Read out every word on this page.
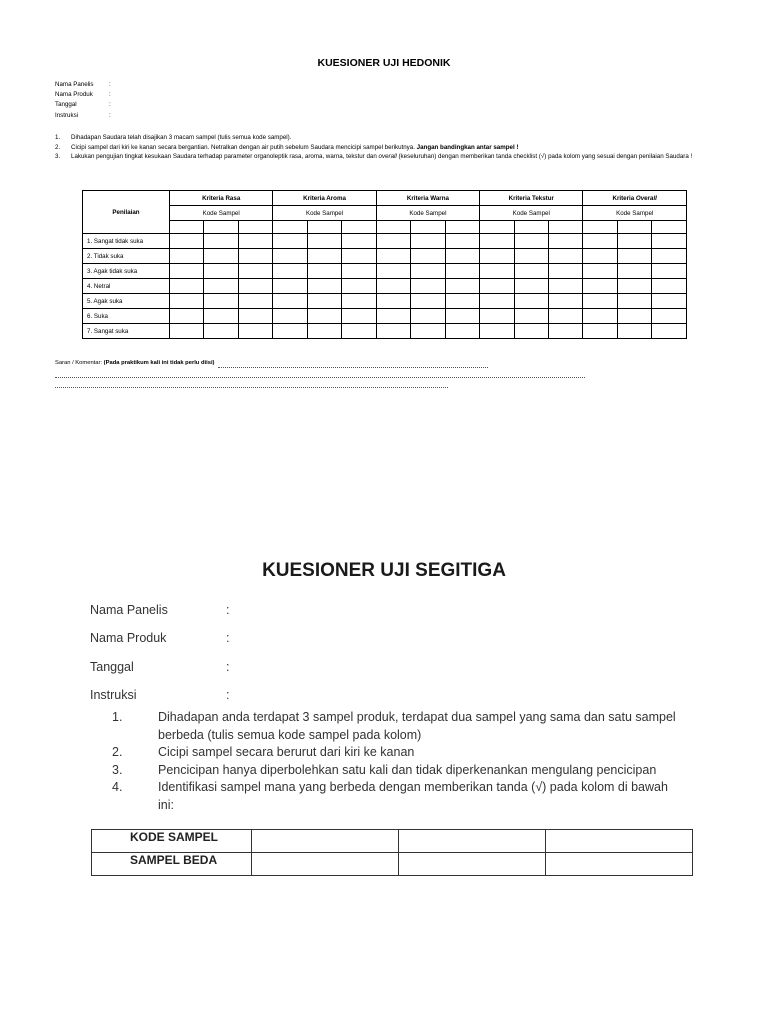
KUESIONER UJI HEDONIK
Nama Panelis	:
Nama Produk	:
Tanggal	:
Instruksi	:
1.	Dihadapan Saudara telah disajikan 3 macam sampel (tulis semua kode sampel).
2.	Cicipi sampel dari kiri ke kanan secara bergantian. Netralkan dengan air putih sebelum Saudara mencicipi sampel berikutnya. Jangan bandingkan antar sampel !
3.	Lakukan pengujian tingkat kesukaan Saudara terhadap parameter organoleptik rasa, aroma, warna, tekstur dan overall (keseluruhan) dengan memberikan tanda checklist (√) pada kolom yang sesuai dengan penilaian Saudara !
Penilaian	Kriteria Rasa			Kriteria Aroma			Kriteria Warna			Kriteria Tekstur			Kriteria Overall		
	Kode Sampel			Kode Sampel			Kode Sampel			Kode Sampel			Kode Sampel		

1. Sangat tidak suka															
2. Tidak suka															
3. Agak tidak suka															
4. Netral															
5. Agak suka															
6. Suka															
7. Sangat suka															
Saran / Komentar:
(Pada praktikum kali ini tidak perlu diisi)
KUESIONER UJI SEGITIGA
Nama Panelis	:
Nama Produk	:
Tanggal	:
Instruksi	:
1.	Dihadapan anda terdapat 3 sampel produk, terdapat dua sampel yang sama dan satu sampel berbeda (tulis semua kode sampel pada kolom)
2.	Cicipi sampel secara berurut dari kiri ke kanan
3.	Pencicipan hanya diperbolehkan satu kali dan tidak diperkenankan mengulang pencicipan
4.	Identifikasi sampel mana yang berbeda dengan memberikan tanda (√) pada kolom di bawah ini:
KODE SAMPEL			
SAMPEL BEDA			
